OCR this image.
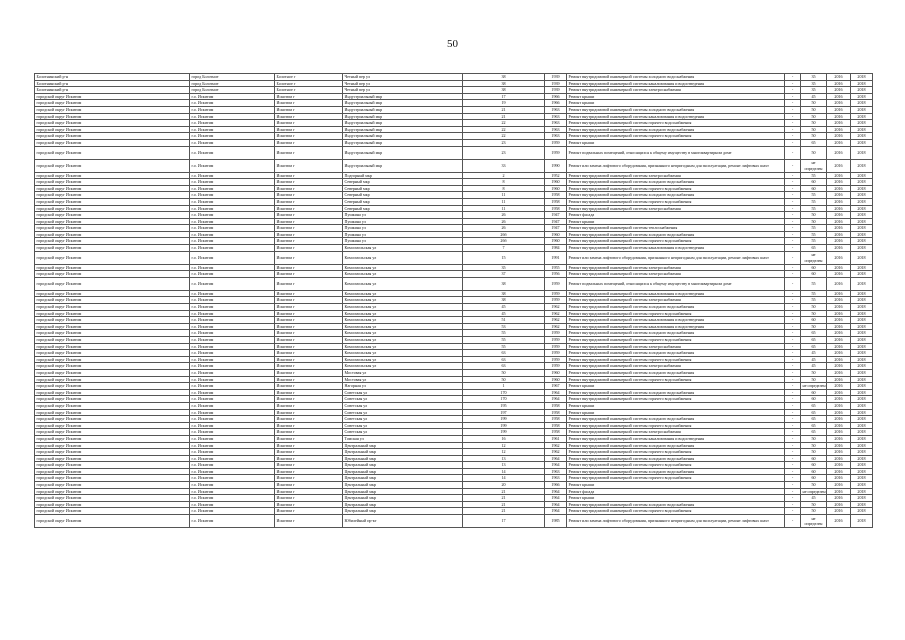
50
Болотнинский р-н	город Болотное	Болотное г	Четный пер ул	38	1939	Ремонт внутридомовой инженерной системы холодного водоснабжения	-	35	2016	2018
Болотнинский р-н	город Болотное	Болотное г	Четный пер ул	38	1939	Ремонт внутридомовой инженерной системы канализования и водоотведения	-	35	2016	2018
Болотнинский р-н	город Болотное	Болотное г	Четный пер ул	38	1939	Ремонт внутридомовой инженерной системы электроснабжения	-	35	2016	2018
городской округ Искитим	г.о. Искитим	Искитим г	Индустриальный мкр	17	1966	Ремонт крыши	-	45	2016	2018
городской округ Искитим	г.о. Искитим	Искитим г	Индустриальный мкр	19	1966	Ремонт крыши	-	50	2016	2018
городской округ Искитим	г.о. Искитим	Искитим г	Индустриальный мкр	21	1963	Ремонт внутридомовой инженерной системы холодного водоснабжения	-	50	2016	2018
городской округ Искитим	г.о. Искитим	Искитим г	Индустриальный мкр	21	1963	Ремонт внутридомовой инженерной системы канализования и водоотведения	-	50	2016	2018
городской округ Искитим	г.о. Искитим	Искитим г	Индустриальный мкр	22	1963	Ремонт внутридомовой инженерной системы горячего водоснабжения	-	50	2016	2018
городской округ Искитим	г.о. Искитим	Искитим г	Индустриальный мкр	22	1963	Ремонт внутридомовой инженерной системы холодного водоснабжения	-	50	2016	2018
городской округ Искитим	г.о. Искитим	Искитим г	Индустриальный мкр	22	1963	Ремонт внутридомовой инженерной системы горячего водоснабжения	-	50	2016	2018
городской округ Искитим	г.о. Искитим	Искитим г	Индустриальный мкр	23	1959	Ремонт крыши	-	65	2016	2018
городской округ Искитим	г.о. Искитим	Искитим г	Индустриальный мкр	23	1959	Ремонт подвальных помещений, относящихся к общему имуществу в многоквартирном доме	-	50	2016	2018
городской округ Искитим	г.о. Искитим	Искитим г	Индустриальный мкр	33	1990	Ремонт или замена лифтового оборудования, признанного непригодным для эксплуатации, ремонт лифтовых шахт	-	не определен	2016	2018
городской округ Искитим	г.о. Искитим	Искитим г	Подгорный мкр	2	1952	Ремонт внутридомовой инженерной системы электроснабжения	-	55	2016	2018
городской округ Искитим	г.о. Искитим	Искитим г	Северный мкр	8	1960	Ремонт внутридомовой инженерной системы холодного водоснабжения	-	60	2016	2018
городской округ Искитим	г.о. Искитим	Искитим г	Северный мкр	8	1960	Ремонт внутридомовой инженерной системы горячего водоснабжения	-	60	2016	2018
городской округ Искитим	г.о. Искитим	Искитим г	Северный мкр	11	1958	Ремонт внутридомовой инженерной системы холодного водоснабжения	-	55	2016	2018
городской округ Искитим	г.о. Искитим	Искитим г	Северный мкр	11	1958	Ремонт внутридомовой инженерной системы горячего водоснабжения	-	55	2016	2018
городской округ Искитим	г.о. Искитим	Искитим г	Северный мкр	11	1958	Ремонт внутридомовой инженерной системы электроснабжения	-	55	2016	2018
городской округ Искитим	г.о. Искитим	Искитим г	Пушкина ул	26	1947	Ремонт фасада	-	50	2016	2018
городской округ Искитим	г.о. Искитим	Искитим г	Пушкина ул	26	1947	Ремонт крыши	-	50	2016	2018
городской округ Искитим	г.о. Искитим	Искитим г	Пушкина ул	26	1947	Ремонт внутридомовой инженерной системы теплоснабжения	-	55	2016	2018
городской округ Искитим	г.о. Искитим	Искитим г	Пушкина ул	26б	1960	Ремонт внутридомовой инженерной системы холодного водоснабжения	-	55	2016	2018
городской округ Искитим	г.о. Искитим	Искитим г	Пушкина ул	26б	1960	Ремонт внутридомовой инженерной системы горячего водоснабжения	-	55	2016	2018
городской округ Искитим	г.о. Искитим	Искитим г	Комсомольская ул	7	1984	Ремонт внутридомовой инженерной системы канализования и водоотведения	-	65	2016	2018
городской округ Искитим	г.о. Искитим	Искитим г	Комсомольская ул	15	1991	Ремонт или замена лифтового оборудования, признанного непригодным для эксплуатации, ремонт лифтовых шахт	-	не определен	2016	2018
городской округ Искитим	г.о. Искитим	Искитим г	Комсомольская ул	35	1955	Ремонт внутридомовой инженерной системы электроснабжения	-	60	2016	2018
городской округ Искитим	г.о. Искитим	Искитим г	Комсомольская ул	37	1956	Ремонт внутридомовой инженерной системы электроснабжения	-	60	2016	2018
городской округ Искитим	г.о. Искитим	Искитим г	Комсомольская ул	38	1959	Ремонт подвальных помещений, относящихся к общему имуществу в многоквартирном доме	-	55	2016	2018
городской округ Искитим	г.о. Искитим	Искитим г	Комсомольская ул	38	1959	Ремонт внутридомовой инженерной системы канализования и водоотведения	-	55	2016	2018
городской округ Искитим	г.о. Искитим	Искитим г	Комсомольская ул	38	1959	Ремонт внутридомовой инженерной системы электроснабжения	-	55	2016	2018
городской округ Искитим	г.о. Искитим	Искитим г	Комсомольская ул	45	1962	Ремонт внутридомовой инженерной системы холодного водоснабжения	-	50	2016	2018
городской округ Искитим	г.о. Искитим	Искитим г	Комсомольская ул	45	1962	Ремонт внутридомовой инженерной системы горячего водоснабжения	-	50	2016	2018
городской округ Искитим	г.о. Искитим	Искитим г	Комсомольская ул	51	1962	Ремонт внутридомовой инженерной системы канализования и водоотведения	-	60	2016	2018
городской округ Искитим	г.о. Искитим	Искитим г	Комсомольская ул	53	1962	Ремонт внутридомовой инженерной системы канализования и водоотведения	-	50	2016	2018
городской округ Искитим	г.о. Искитим	Искитим г	Комсомольская ул	55	1959	Ремонт внутридомовой инженерной системы холодного водоснабжения	-	65	2016	2018
городской округ Искитим	г.о. Искитим	Искитим г	Комсомольская ул	55	1959	Ремонт внутридомовой инженерной системы горячего водоснабжения	-	65	2016	2018
городской округ Искитим	г.о. Искитим	Искитим г	Комсомольская ул	55	1959	Ремонт внутридомовой инженерной системы электроснабжения	-	65	2016	2018
городской округ Искитим	г.о. Искитим	Искитим г	Комсомольская ул	63	1959	Ремонт внутридомовой инженерной системы холодного водоснабжения	-	45	2016	2018
городской округ Искитим	г.о. Искитим	Искитим г	Комсомольская ул	63	1959	Ремонт внутридомовой инженерной системы горячего водоснабжения	-	45	2016	2018
городской округ Искитим	г.о. Искитим	Искитим г	Комсомольская ул	63	1959	Ремонт внутридомовой инженерной системы электроснабжения	-	45	2016	2018
городской округ Искитим	г.о. Искитим	Искитим г	Мостовая ул	50	1960	Ремонт внутридомовой инженерной системы холодного водоснабжения	-	50	2016	2018
городской округ Искитим	г.о. Искитим	Искитим г	Мостовая ул	50	1960	Ремонт внутридомовой инженерной системы горячего водоснабжения	-	50	2016	2018
городской округ Искитим	г.о. Искитим	Искитим г	Нагорная ул	1	1967	Ремонт крыши	-	не определен	2016	2018
городской округ Искитим	г.о. Искитим	Искитим г	Советская ул	170	1964	Ремонт внутридомовой инженерной системы холодного водоснабжения	-	60	2016	2018
городской округ Искитим	г.о. Искитим	Искитим г	Советская ул	170	1964	Ремонт внутридомовой инженерной системы горячего водоснабжения	-	60	2016	2018
городской округ Искитим	г.о. Искитим	Искитим г	Советская ул	195	1958	Ремонт крыши	-	65	2016	2018
городской округ Искитим	г.о. Искитим	Искитим г	Советская ул	197	1958	Ремонт крыши	-	65	2016	2018
городской округ Искитим	г.о. Искитим	Искитим г	Советская ул	199	1958	Ремонт внутридомовой инженерной системы холодного водоснабжения	-	65	2016	2018
городской округ Искитим	г.о. Искитим	Искитим г	Советская ул	199	1958	Ремонт внутридомовой инженерной системы горячего водоснабжения	-	65	2016	2018
городской округ Искитим	г.о. Искитим	Искитим г	Советская ул	199	1958	Ремонт внутридомовой инженерной системы электроснабжения	-	65	2016	2018
городской округ Искитим	г.о. Искитим	Искитим г	Томская ул	16	1961	Ремонт внутридомовой инженерной системы канализования и водоотведения	-	50	2016	2018
городской округ Искитим	г.о. Искитим	Искитим г	Центральный мкр	12	1962	Ремонт внутридомовой инженерной системы холодного водоснабжения	-	50	2016	2018
городской округ Искитим	г.о. Искитим	Искитим г	Центральный мкр	12	1962	Ремонт внутридомовой инженерной системы горячего водоснабжения	-	50	2016	2018
городской округ Искитим	г.о. Искитим	Искитим г	Центральный мкр	13	1964	Ремонт внутридомовой инженерной системы холодного водоснабжения	-	60	2016	2018
городской округ Искитим	г.о. Искитим	Искитим г	Центральный мкр	13	1964	Ремонт внутридомовой инженерной системы горячего водоснабжения	-	60	2016	2018
городской округ Искитим	г.о. Искитим	Искитим г	Центральный мкр	14	1963	Ремонт внутридомовой инженерной системы холодного водоснабжения	-	60	2016	2018
городской округ Искитим	г.о. Искитим	Искитим г	Центральный мкр	14	1963	Ремонт внутридомовой инженерной системы горячего водоснабжения	-	60	2016	2018
городской округ Искитим	г.о. Искитим	Искитим г	Центральный мкр	20	1966	Ремонт крыши	-	50	2016	2018
городской округ Искитим	г.о. Искитим	Искитим г	Центральный мкр	21	1964	Ремонт фасада	-	не определен	2016	2018
городской округ Искитим	г.о. Искитим	Искитим г	Центральный мкр	21	1964	Ремонт крыши	-	45	2016	2018
городской округ Искитим	г.о. Искитим	Искитим г	Центральный мкр	21	1964	Ремонт внутридомовой инженерной системы холодного водоснабжения	-	50	2016	2018
городской округ Искитим	г.о. Искитим	Искитим г	Центральный мкр	21	1964	Ремонт внутридомовой инженерной системы горячего водоснабжения	-	50	2016	2018
городской округ Искитим	г.о. Искитим	Искитим г	Юбилейный пр-кт	17	1985	Ремонт или замена лифтового оборудования, признанного непригодным для эксплуатации, ремонт лифтовых шахт	-	не определен	2016	2018
